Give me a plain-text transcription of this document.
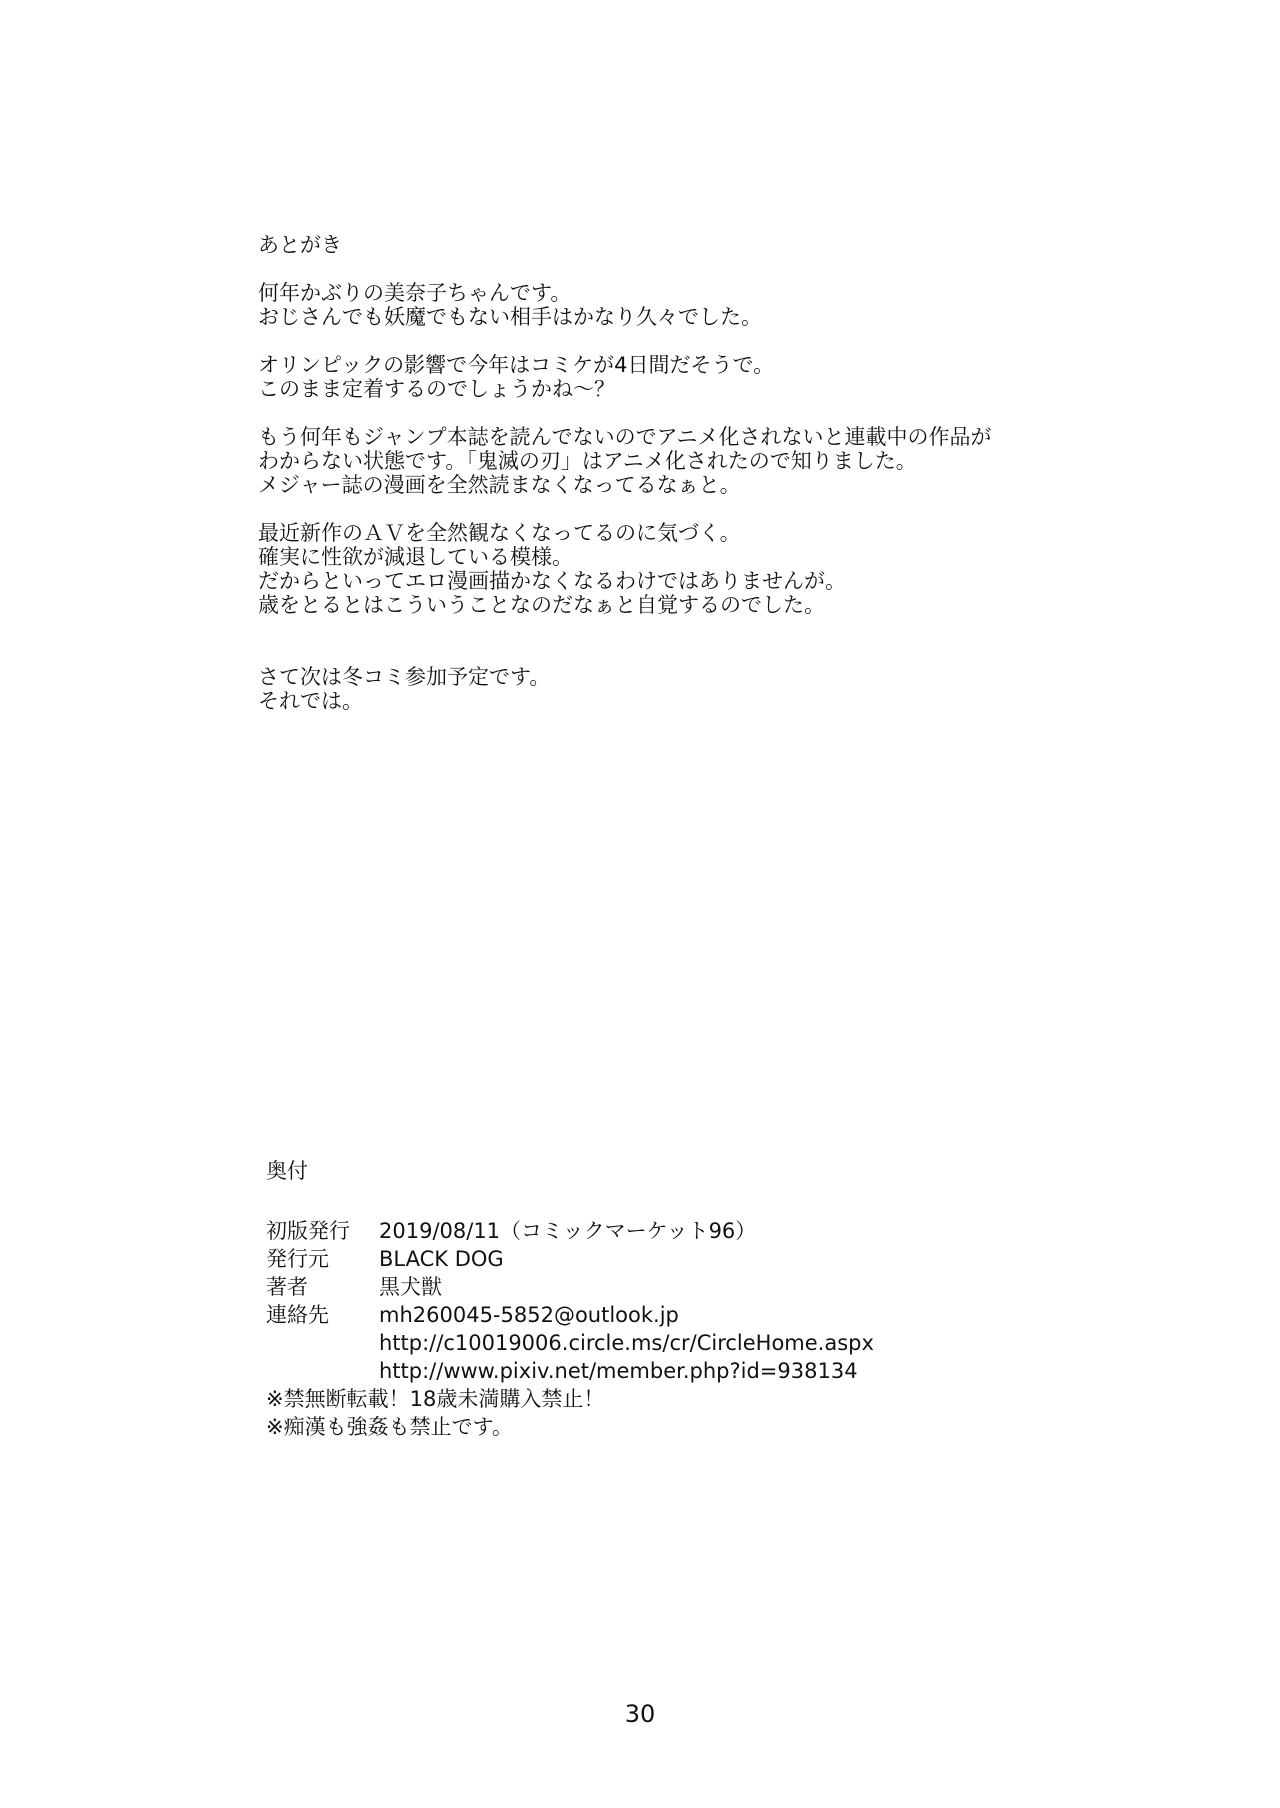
あとがき
何年かぶりの美奈子ちゃんです。
おじさんでも妖魔でもない相手はかなり久々でした。
オリンピックの影響で今年はコミケが4日間だそうで。
このまま定着するのでしょうかね～？
もう何年もジャンプ本誌を読んでないのでアニメ化されないと連載中の作品が
わからない状態です。「鬼滅の刃」はアニメ化されたので知りました。
メジャー誌の漫画を全然読まなくなってるなぁと。
最近新作のＡＶを全然観なくなってるのに気づく。
確実に性欲が減退している模様。
だからといってエロ漫画描かなくなるわけではありませんが。
歳をとるとはこういうことなのだなぁと自覚するのでした。
さて次は冬コミ参加予定です。
それでは。
奥付
初版発行	2019/08/11（コミックマーケット96）
発行元	BLACK DOG
著者	黒犬獣
連絡先	mh260045-5852@outlook.jp
http://c10019006.circle.ms/cr/CircleHome.aspx
http://www.pixiv.net/member.php?id=938134
※禁無断転載！18歳未満購入禁止！
※痴漢も強姦も禁止です。
30
